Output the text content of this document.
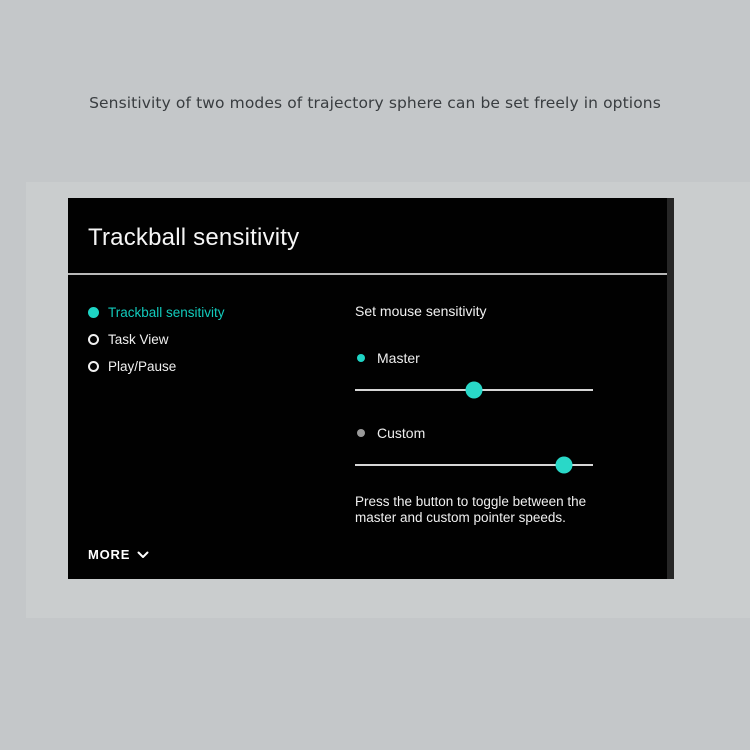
Sensitivity of two modes of trajectory sphere can be set freely in options
Trackball sensitivity
Trackball sensitivity
Task View
Play/Pause
Set mouse sensitivity
Master
Custom
Press the button to toggle between the master and custom pointer speeds.
MORE
